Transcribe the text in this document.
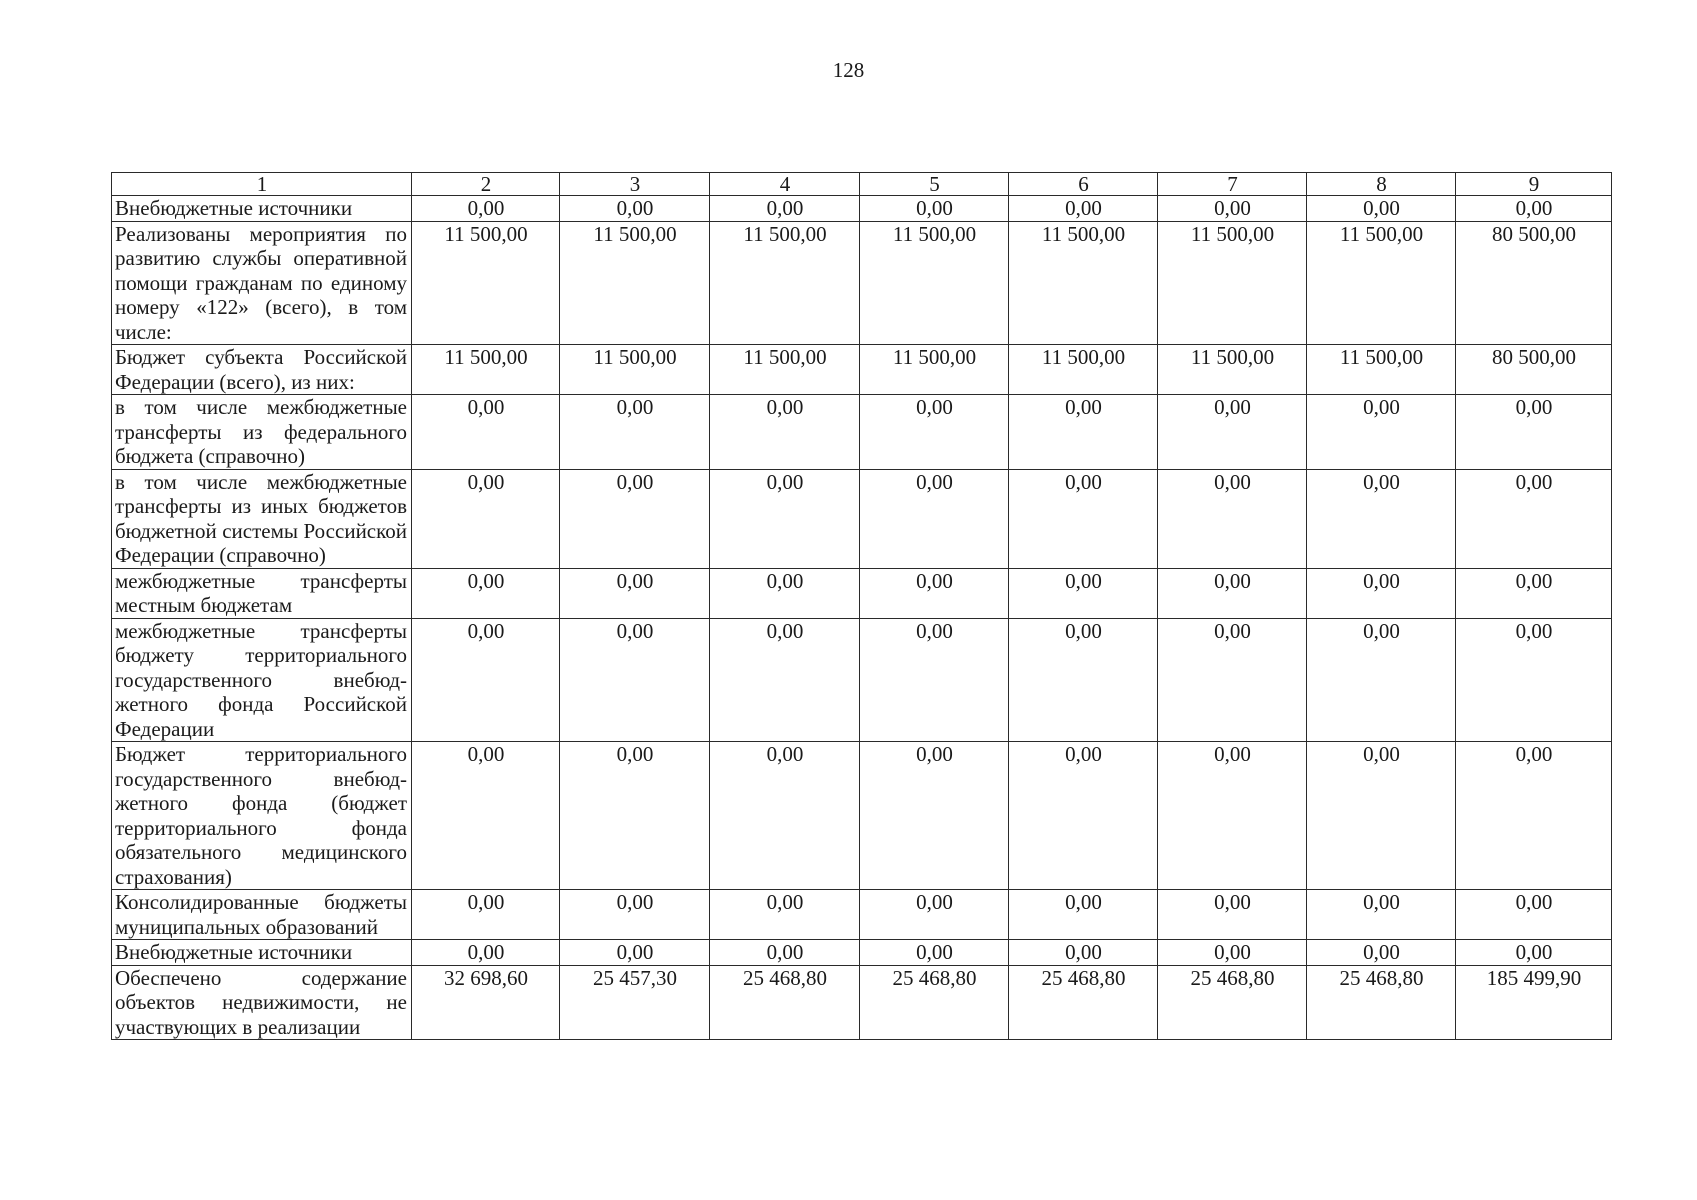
128
1	2	3	4	5	6	7	8	9
Внебюджетные источники	0,00	0,00	0,00	0,00	0,00	0,00	0,00	0,00
Реализованы мероприятия по развитию службы оперативной помощи гражданам по единому номеру «122» (всего), в том числе:	11 500,00	11 500,00	11 500,00	11 500,00	11 500,00	11 500,00	11 500,00	80 500,00
Бюджет субъекта Российской Федерации (всего), из них:	11 500,00	11 500,00	11 500,00	11 500,00	11 500,00	11 500,00	11 500,00	80 500,00
в том числе межбюджетные трансферты из федерального бюджета (справочно)	0,00	0,00	0,00	0,00	0,00	0,00	0,00	0,00
в том числе межбюджетные трансферты из иных бюджетов бюджетной системы Российской Федерации (справочно)	0,00	0,00	0,00	0,00	0,00	0,00	0,00	0,00
межбюджетные трансферты местным бюджетам	0,00	0,00	0,00	0,00	0,00	0,00	0,00	0,00
межбюджетные трансферты бюджету территориального государственного внебюджетного фонда Российской Федерации	0,00	0,00	0,00	0,00	0,00	0,00	0,00	0,00
Бюджет территориального государственного внебюджетного фонда (бюджет территориального фонда обязательного медицинского страхования)	0,00	0,00	0,00	0,00	0,00	0,00	0,00	0,00
Консолидированные бюджеты муниципальных образований	0,00	0,00	0,00	0,00	0,00	0,00	0,00	0,00
Внебюджетные источники	0,00	0,00	0,00	0,00	0,00	0,00	0,00	0,00
Обеспечено содержание объектов недвижимости, не участвующих в реализации	32 698,60	25 457,30	25 468,80	25 468,80	25 468,80	25 468,80	25 468,80	185 499,90
